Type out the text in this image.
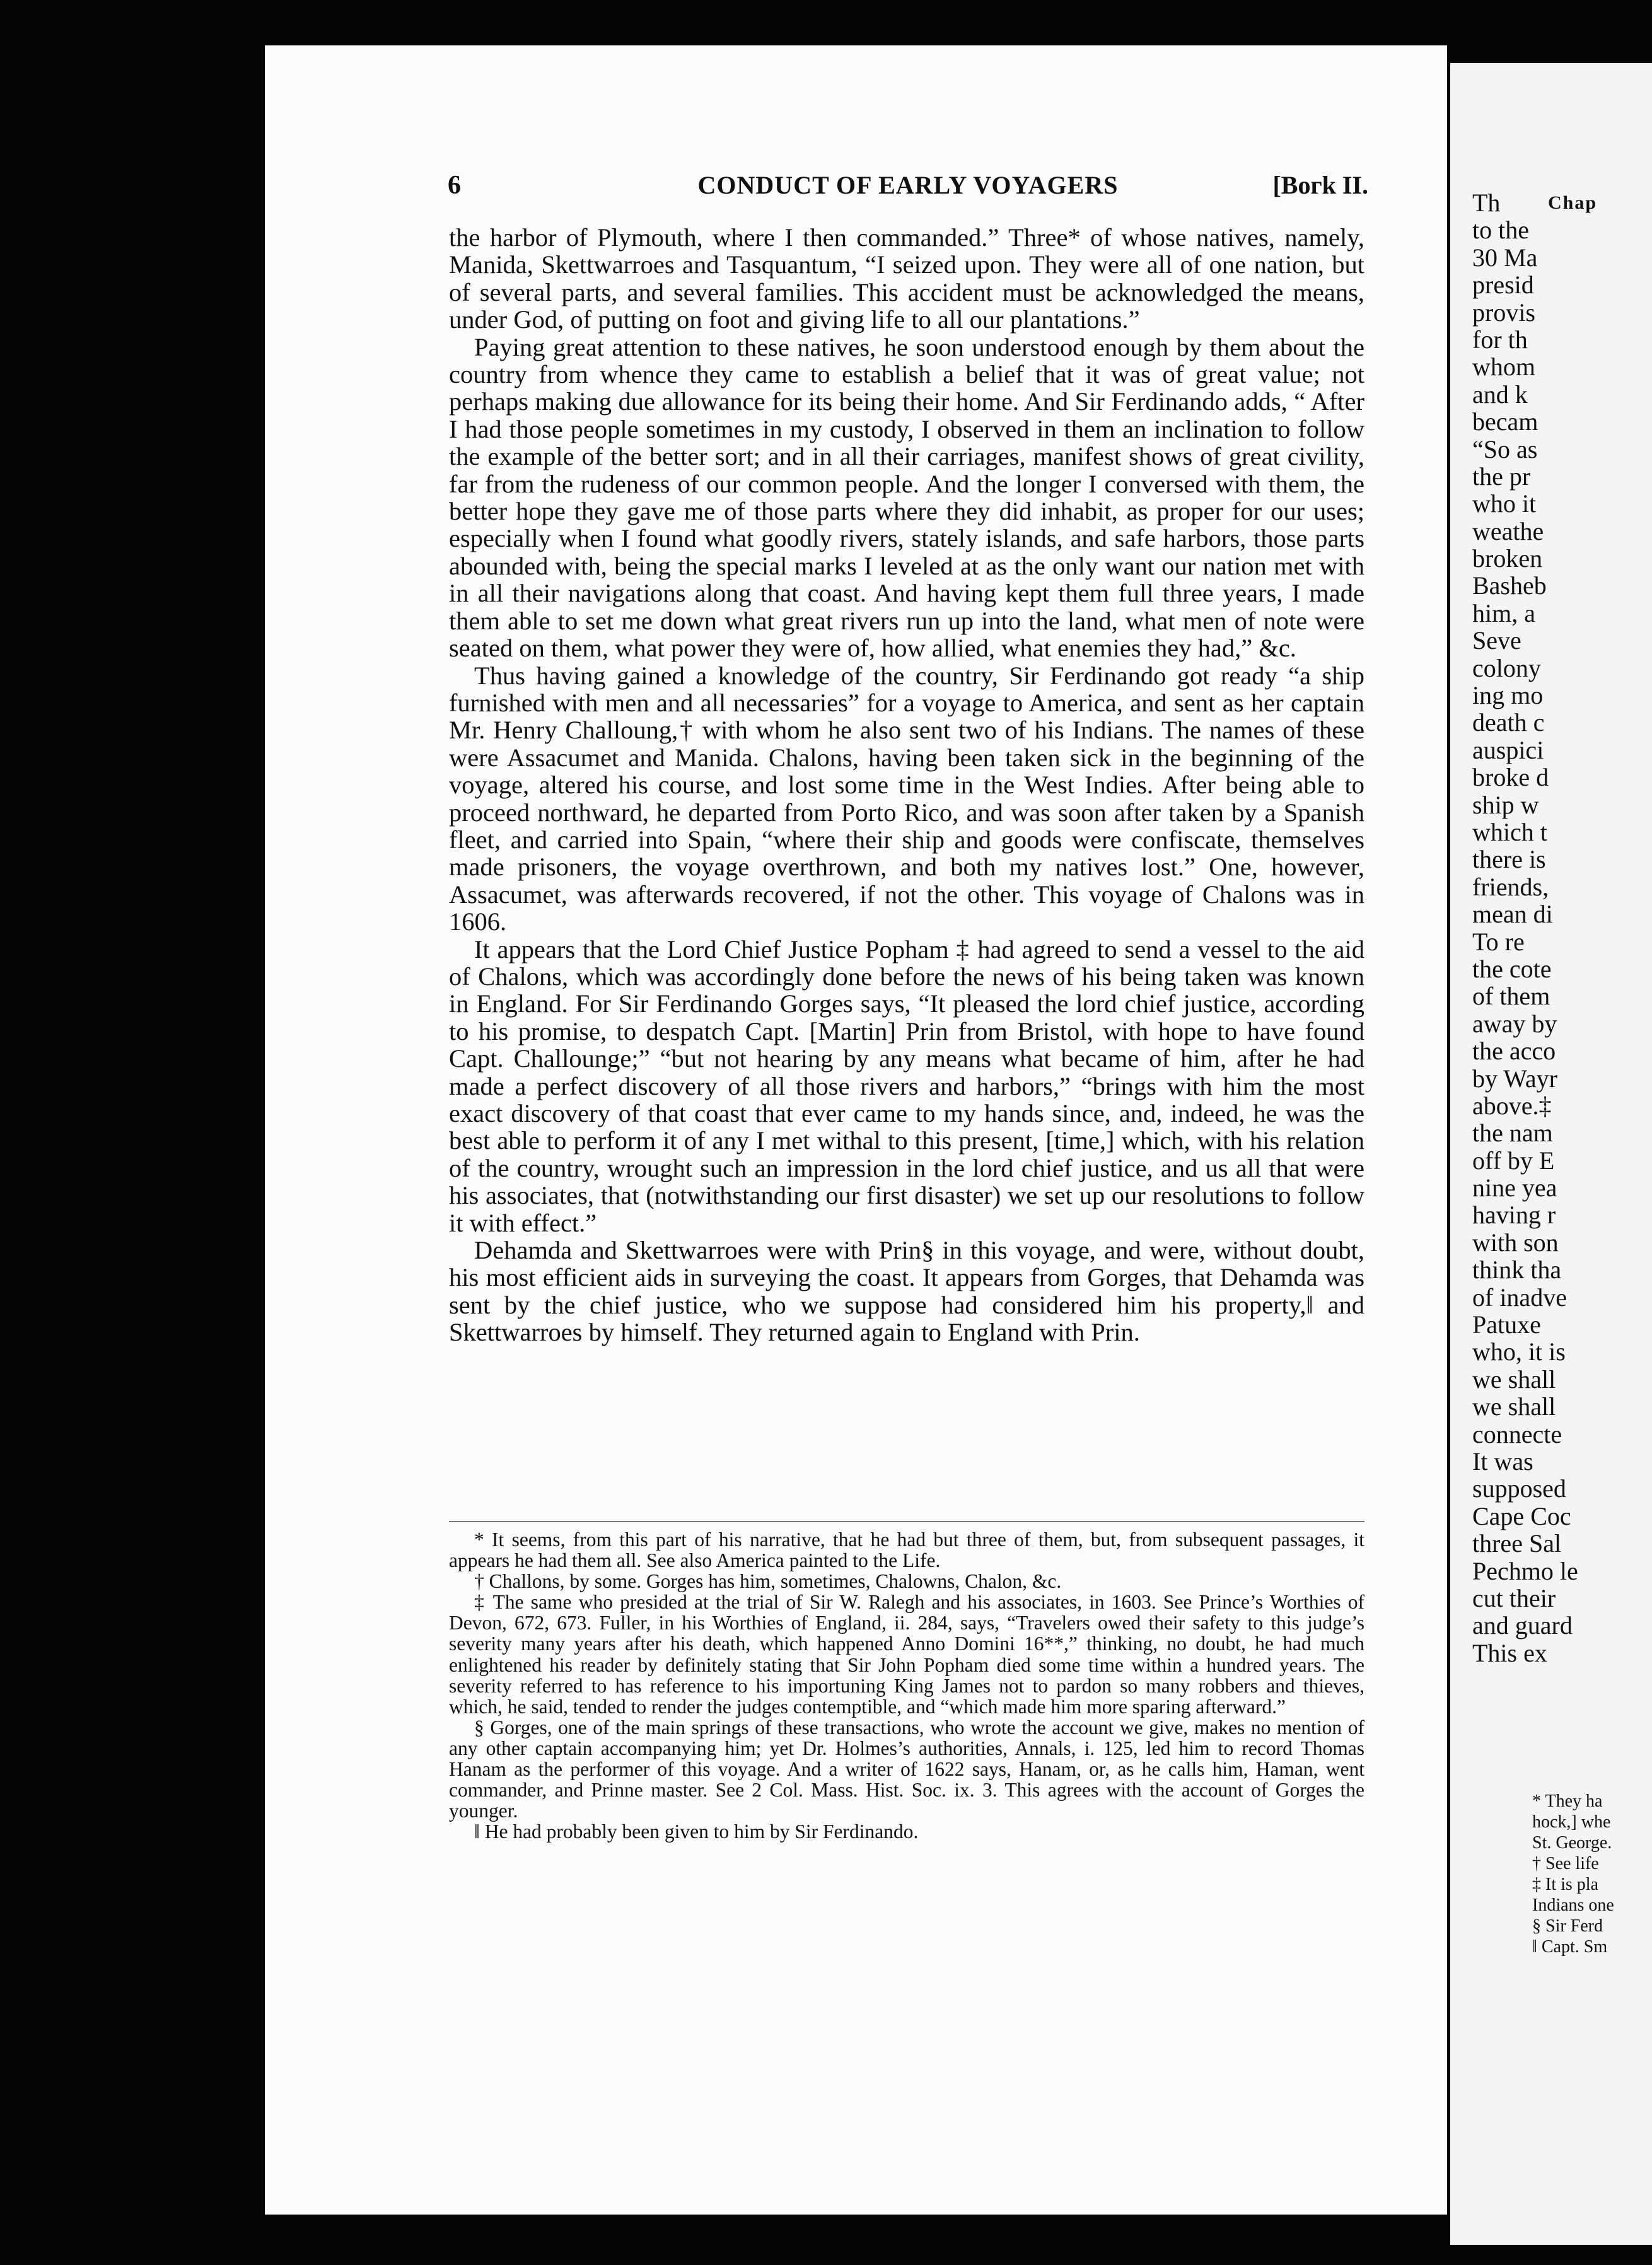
6	CONDUCT OF EARLY VOYAGERS	[Boгk II.

the harbor of Plymouth, where I then commanded.” Three* of whose natives, namely, Manida, Skettwarroes and Tasquantum, “I seized upon. They were all of one nation, but of several parts, and several families. This accident must be acknowledged the means, under God, of putting on foot and giving life to all our plantations.”

Paying great attention to these natives, he soon understood enough by them about the country from whence they came to establish a belief that it was of great value; not perhaps making due allowance for its being their home. And Sir Ferdinando adds, “ After I had those people sometimes in my custody, I observed in them an inclination to follow the example of the better sort; and in all their carriages, manifest shows of great civility, far from the rudeness of our common people. And the longer I conversed with them, the better hope they gave me of those parts where they did inhabit, as proper for our uses; especially when I found what goodly rivers, stately islands, and safe harbors, those parts abounded with, being the special marks I leveled at as the only want our nation met with in all their navigations along that coast. And having kept them full three years, I made them able to set me down what great rivers run up into the land, what men of note were seated on them, what power they were of, how allied, what enemies they had,” &c.

Thus having gained a knowledge of the country, Sir Ferdinando got ready “a ship furnished with men and all necessaries” for a voyage to America, and sent as her captain Mr. Henry Challoung,† with whom he also sent two of his Indians. The names of these were Assacumet and Manida. Chalons, having been taken sick in the beginning of the voyage, altered his course, and lost some time in the West Indies. After being able to proceed northward, he departed from Porto Rico, and was soon after taken by a Spanish fleet, and carried into Spain, “where their ship and goods were confiscate, themselves made prisoners, the voyage overthrown, and both my natives lost.” One, however, Assacumet, was afterwards recovered, if not the other. This voyage of Chalons was in 1606.

It appears that the Lord Chief Justice Popham ‡ had agreed to send a vessel to the aid of Chalons, which was accordingly done before the news of his being taken was known in England. For Sir Ferdinando Gorges says, “It pleased the lord chief justice, according to his promise, to despatch Capt. [Martin] Prin from Bristol, with hope to have found Capt. Challounge;” “but not hearing by any means what became of him, after he had made a perfect discovery of all those rivers and harbors,” “brings with him the most exact discovery of that coast that ever came to my hands since, and, indeed, he was the best able to perform it of any I met withal to this present, [time,] which, with his relation of the country, wrought such an impression in the lord chief justice, and us all that were his associates, that (notwithstanding our first disaster) we set up our resolutions to follow it with effect.”

Dehamda and Skettwarroes were with Prin§ in this voyage, and were, without doubt, his most efficient aids in surveying the coast. It appears from Gorges, that Dehamda was sent by the chief justice, who we suppose had considered him his property,‖ and Skettwarroes by himself. They returned again to England with Prin.

* It seems, from this part of his narrative, that he had but three of them, but, from subsequent passages, it appears he had them all. See also America painted to the Life.

† Challons, by some. Gorges has him, sometimes, Chalowns, Chalon, &c.

‡ The same who presided at the trial of Sir W. Ralegh and his associates, in 1603. See Prince’s Worthies of Devon, 672, 673. Fuller, in his Worthies of England, ii. 284, says, “Travelers owed their safety to this judge’s severity many years after his death, which happened Anno Domini 16**,” thinking, no doubt, he had much enlightened his reader by definitely stating that Sir John Popham died some time within a hundred years. The severity referred to has reference to his importuning King James not to pardon so many robbers and thieves, which, he said, tended to render the judges contemptible, and “which made him more sparing afterward.”

§ Gorges, one of the main springs of these transactions, who wrote the account we give, makes no mention of any other captain accompanying him; yet Dr. Holmes’s authorities, Annals, i. 125, led him to record Thomas Hanam as the performer of this voyage. And a writer of 1622 says, Hanam, or, as he calls him, Haman, went commander, and Prinne master. See 2 Col. Mass. Hist. Soc. ix. 3. This agrees with the account of Gorges the younger.

‖ He had probably been given to him by Sir Ferdinando.

Chap
Th
to the
30 Ma
presid
provis
for th
whom
and k
becam
“So as
the pr
who it
weathe
broken
Basheb
him, a
Seve
colony
ing mo
death c
auspici
broke d
ship w
which t
there is
friends,
mean di
To re
the cote
of them
away by
the acco
by Wayr
above.‡
the nam
off by E
nine yea
having r
with son
think tha
of inadve
Patuxe
who, it is
we shall
we shall
connecte
It was
supposed
Cape Coc
three Sal
Pechmo le
cut their
and guard
This ex
* They ha
hock,] whe
St. George.
† See life
‡ It is pla
Indians one
§ Sir Ferd
‖ Capt. Sm
